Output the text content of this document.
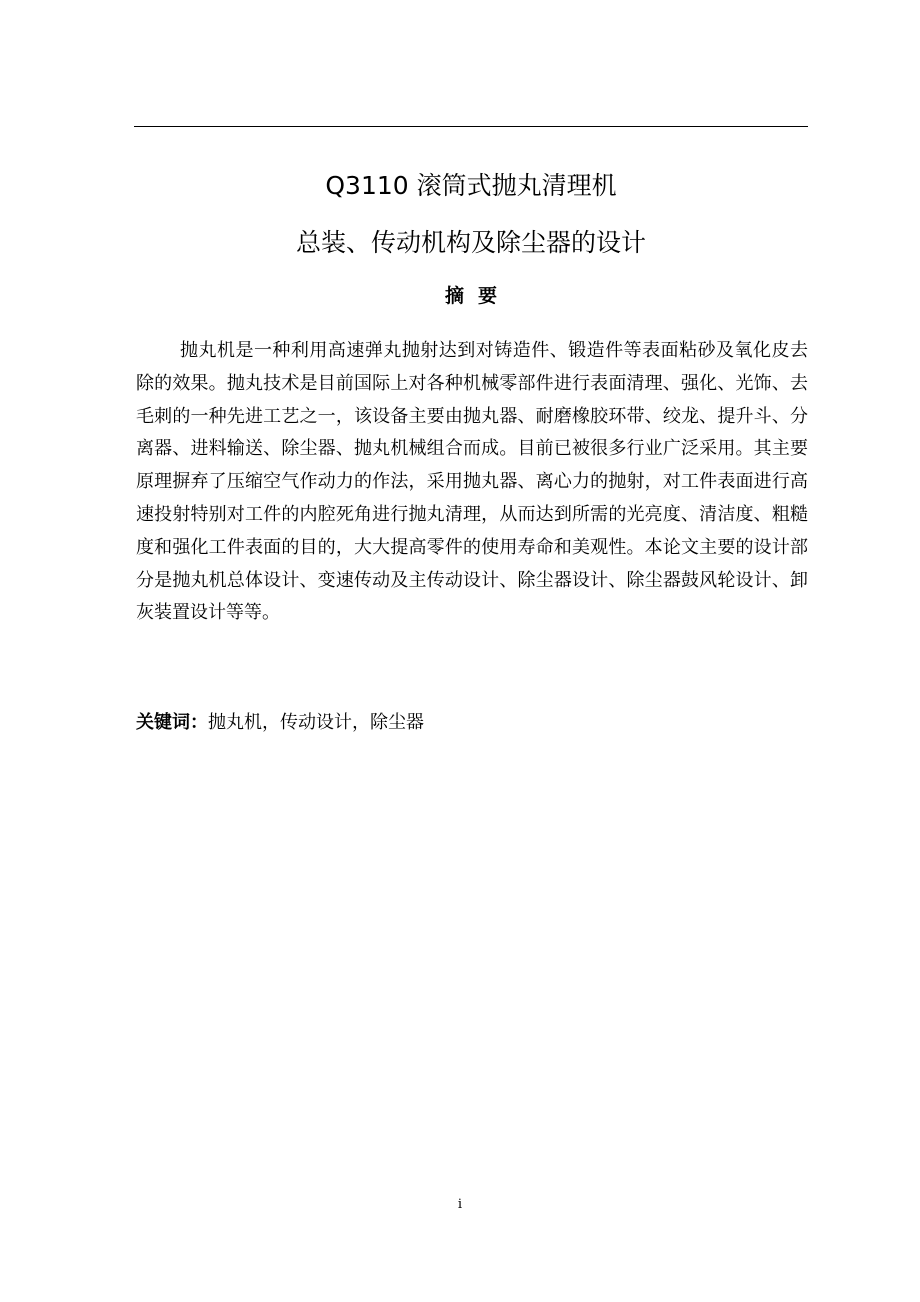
Q3110 滚筒式抛丸清理机
总装、传动机构及除尘器的设计
摘要

抛丸机是一种利用高速弹丸抛射达到对铸造件、锻造件等表面粘砂及氧化皮去除的效果。抛丸技术是目前国际上对各种机械零部件进行表面清理、强化、光饰、去毛刺的一种先进工艺之一，该设备主要由抛丸器、耐磨橡胶环带、绞龙、提升斗、分离器、进料输送、除尘器、抛丸机械组合而成。目前已被很多行业广泛采用。其主要原理摒弃了压缩空气作动力的作法，采用抛丸器、离心力的抛射，对工件表面进行高速投射特别对工件的内腔死角进行抛丸清理，从而达到所需的光亮度、清洁度、粗糙度和强化工件表面的目的，大大提高零件的使用寿命和美观性。本论文主要的设计部分是抛丸机总体设计、变速传动及主传动设计、除尘器设计、除尘器鼓风轮设计、卸灰装置设计等等。

关键词：抛丸机，传动设计，除尘器

i
